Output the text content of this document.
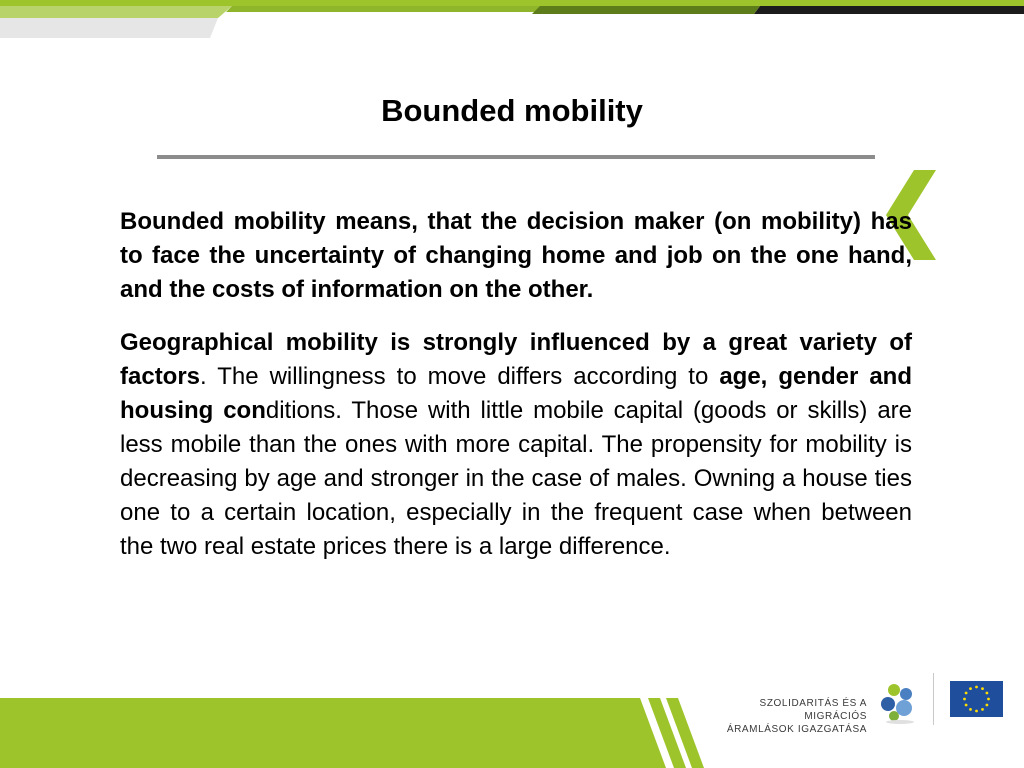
Bounded mobility

Bounded mobility means, that the decision maker (on mobility) has to face the uncertainty of changing home and job on the one hand, and the costs of information on the other.

Geographical mobility is strongly influenced by a great variety of factors. The willingness to move differs according to age, gender and housing conditions. Those with little mobile capital (goods or skills) are less mobile than the ones with more capital. The propensity for mobility is decreasing by age and stronger in the case of males. Owning a house ties one to a certain location, especially in the frequent case when between the two real estate prices there is a large difference.

SZOLIDARITÁS ÉS A MIGRÁCIÓS
ÁRAMLÁSOK IGAZGATÁSA
